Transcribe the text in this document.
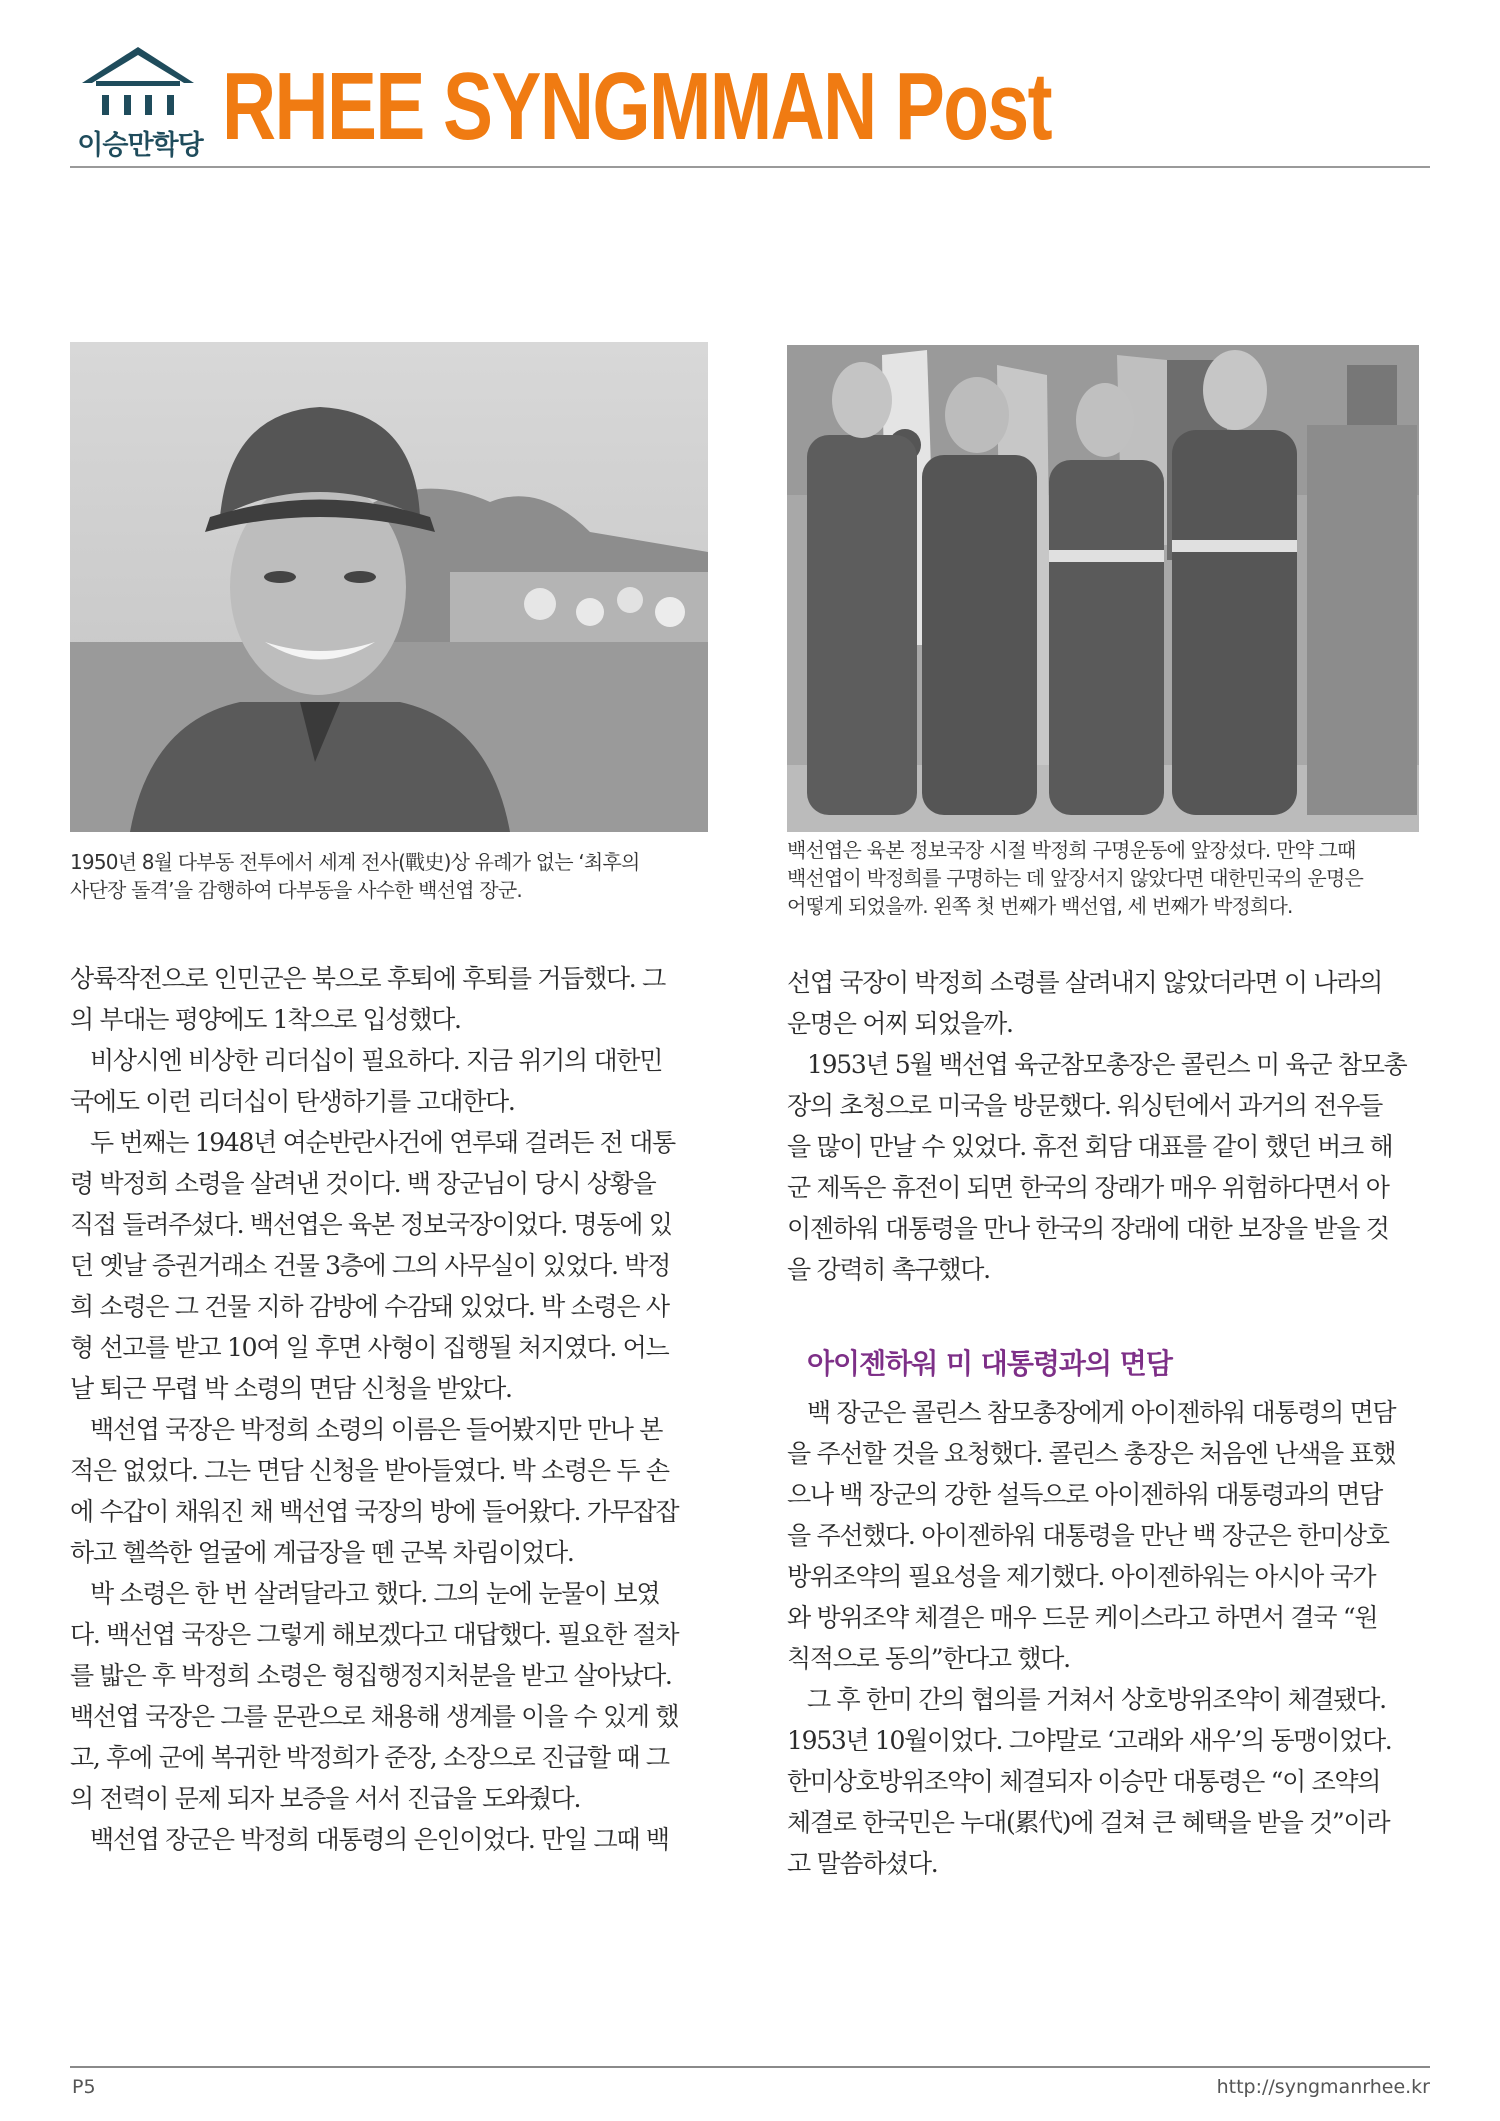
이승만학당 RHEE SYNGMMAN Post
1950년 8월 다부동 전투에서 세계 전사(戰史)상 유례가 없는 ‘최후의
사단장 돌격’을 감행하여 다부동을 사수한 백선엽 장군.
백선엽은 육본 정보국장 시절 박정희 구명운동에 앞장섰다. 만약 그때
백선엽이 박정희를 구명하는 데 앞장서지 않았다면 대한민국의 운명은
어떻게 되었을까. 왼쪽 첫 번째가 백선엽, 세 번째가 박정희다.

상륙작전으로 인민군은 북으로 후퇴에 후퇴를 거듭했다. 그
의 부대는 평양에도 1착으로 입성했다.

비상시엔 비상한 리더십이 필요하다. 지금 위기의 대한민
국에도 이런 리더십이 탄생하기를 고대한다.

두 번째는 1948년 여순반란사건에 연루돼 걸려든 전 대통
령 박정희 소령을 살려낸 것이다. 백 장군님이 당시 상황을
직접 들려주셨다. 백선엽은 육본 정보국장이었다. 명동에 있
던 옛날 증권거래소 건물 3층에 그의 사무실이 있었다. 박정
희 소령은 그 건물 지하 감방에 수감돼 있었다. 박 소령은 사
형 선고를 받고 10여 일 후면 사형이 집행될 처지였다. 어느
날 퇴근 무렵 박 소령의 면담 신청을 받았다.

백선엽 국장은 박정희 소령의 이름은 들어봤지만 만나 본
적은 없었다. 그는 면담 신청을 받아들였다. 박 소령은 두 손
에 수갑이 채워진 채 백선엽 국장의 방에 들어왔다. 가무잡잡
하고 헬쓱한 얼굴에 계급장을 뗀 군복 차림이었다.

박 소령은 한 번 살려달라고 했다. 그의 눈에 눈물이 보였
다. 백선엽 국장은 그렇게 해보겠다고 대답했다. 필요한 절차
를 밟은 후 박정희 소령은 형집행정지처분을 받고 살아났다.
백선엽 국장은 그를 문관으로 채용해 생계를 이을 수 있게 했
고, 후에 군에 복귀한 박정희가 준장, 소장으로 진급할 때 그
의 전력이 문제 되자 보증을 서서 진급을 도와줬다.

백선엽 장군은 박정희 대통령의 은인이었다. 만일 그때 백

선엽 국장이 박정희 소령를 살려내지 않았더라면 이 나라의
운명은 어찌 되었을까.

1953년 5월 백선엽 육군참모총장은 콜린스 미 육군 참모총
장의 초청으로 미국을 방문했다. 워싱턴에서 과거의 전우들
을 많이 만날 수 있었다. 휴전 회담 대표를 같이 했던 버크 해
군 제독은 휴전이 되면 한국의 장래가 매우 위험하다면서 아
이젠하워 대통령을 만나 한국의 장래에 대한 보장을 받을 것
을 강력히 촉구했다.

아이젠하워 미 대통령과의 면담

백 장군은 콜린스 참모총장에게 아이젠하워 대통령의 면담
을 주선할 것을 요청했다. 콜린스 총장은 처음엔 난색을 표했
으나 백 장군의 강한 설득으로 아이젠하워 대통령과의 면담
을 주선했다. 아이젠하워 대통령을 만난 백 장군은 한미상호
방위조약의 필요성을 제기했다. 아이젠하워는 아시아 국가
와 방위조약 체결은 매우 드문 케이스라고 하면서 결국 “원
칙적으로 동의”한다고 했다.

그 후 한미 간의 협의를 거쳐서 상호방위조약이 체결됐다.
1953년 10월이었다. 그야말로 ‘고래와 새우’의 동맹이었다.
한미상호방위조약이 체결되자 이승만 대통령은 “이 조약의
체결로 한국민은 누대(累代)에 걸쳐 큰 혜택을 받을 것”이라
고 말씀하셨다.

P5	http://syngmanrhee.kr
